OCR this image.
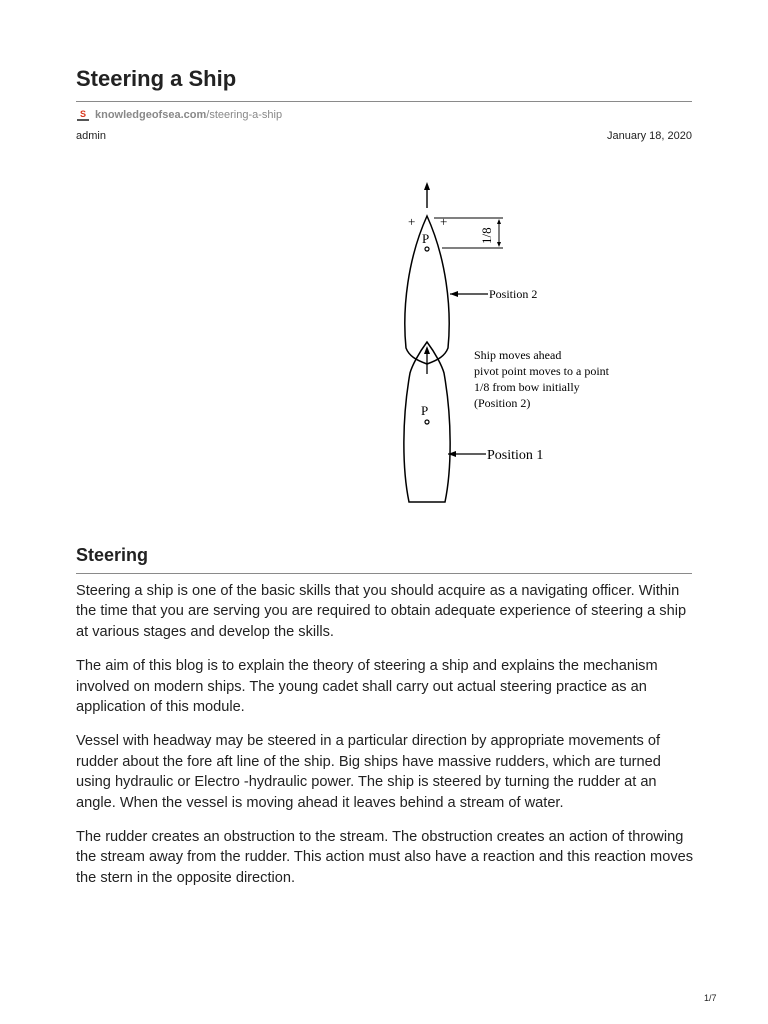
Steering a Ship
S knowledgeofsea.com /steering-a-ship
admin	January 18, 2020
P
P
+ +
1/8
Position 2
Ship moves ahead
pivot point moves to a point
1/8 from bow initially
(Position 2)
Position 1
Steering

Steering a ship is one of the basic skills that you should acquire as a navigating officer. Within the time that you are serving you are required to obtain adequate experience of steering a ship at various stages and develop the skills.

The aim of this blog is to explain the theory of steering a ship and explains the mechanism involved on modern ships. The young cadet shall carry out actual steering practice as an application of this module.

Vessel with headway may be steered in a particular direction by appropriate movements of rudder about the fore aft line of the ship. Big ships have massive rudders, which are turned using hydraulic or Electro -hydraulic power. The ship is steered by turning the rudder at an angle. When the vessel is moving ahead it leaves behind a stream of water.

The rudder creates an obstruction to the stream. The obstruction creates an action of throwing the stream away from the rudder. This action must also have a reaction and this reaction moves the stern in the opposite direction.

1/7
